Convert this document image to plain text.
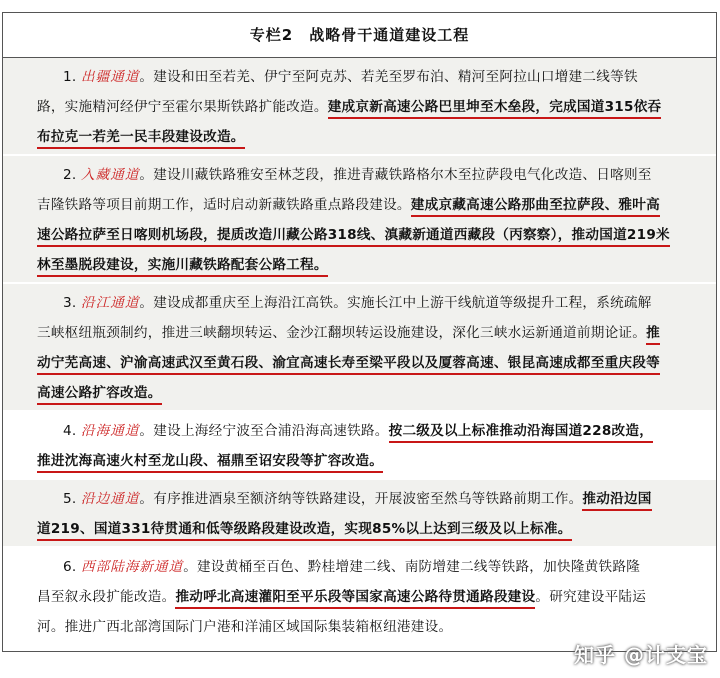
专栏2　战略骨干通道建设工程
1. 出疆通道。建设和田至若羌、伊宁至阿克苏、若羌至罗布泊、精河至阿拉山口增建二线等铁
路，实施精河经伊宁至霍尔果斯铁路扩能改造。建成京新高速公路巴里坤至木垒段，完成国道315依吞
布拉克一若羌一民丰段建设改造。
2. 入藏通道。建设川藏铁路雅安至林芝段，推进青藏铁路格尔木至拉萨段电气化改造、日喀则至
吉隆铁路等项目前期工作，适时启动新藏铁路重点路段建设。建成京藏高速公路那曲至拉萨段、雅叶高
速公路拉萨至日喀则机场段，提质改造川藏公路318线、滇藏新通道西藏段（丙察察），推动国道219米
林至墨脱段建设，实施川藏铁路配套公路工程。
3. 沿江通道。建设成都重庆至上海沿江高铁。实施长江中上游干线航道等级提升工程，系统疏解
三峡枢纽瓶颈制约，推进三峡翻坝转运、金沙江翻坝转运设施建设，深化三峡水运新通道前期论证。推
动宁芜高速、沪渝高速武汉至黄石段、渝宜高速长寿至梁平段以及厦蓉高速、银昆高速成都至重庆段等
高速公路扩容改造。
4. 沿海通道。建设上海经宁波至合浦沿海高速铁路。按二级及以上标准推动沿海国道228改造，
推进沈海高速火村至龙山段、福鼎至诏安段等扩容改造。
5. 沿边通道。有序推进酒泉至额济纳等铁路建设，开展波密至然乌等铁路前期工作。推动沿边国
道219、国道331待贯通和低等级路段建设改造，实现85%以上达到三级及以上标准。
6. 西部陆海新通道。建设黄桶至百色、黔桂增建二线、南防增建二线等铁路，加快隆黄铁路隆
昌至叙永段扩能改造。推动呼北高速灌阳至平乐段等国家高速公路待贯通路段建设。研究建设平陆运
河。推进广西北部湾国际门户港和洋浦区域国际集装箱枢纽港建设。
知乎 @计支宝
